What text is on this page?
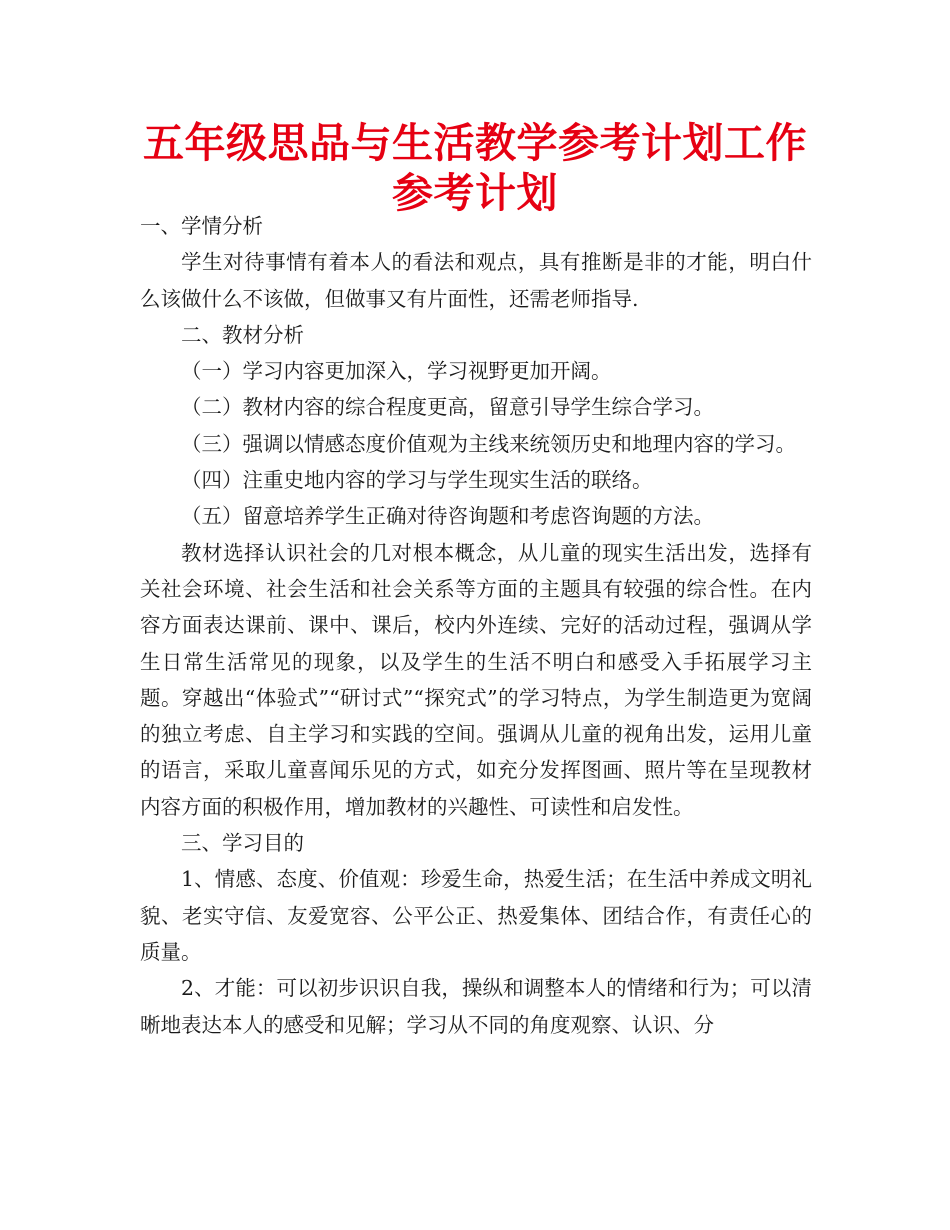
五年级思品与生活教学参考计划工作参考计划

一、学情分析

学生对待事情有着本人的看法和观点，具有推断是非的才能，明白什么该做什么不该做，但做事又有片面性，还需老师指导.

二、教材分析

（一）学习内容更加深入，学习视野更加开阔。

（二）教材内容的综合程度更高，留意引导学生综合学习。

（三）强调以情感态度价值观为主线来统领历史和地理内容的学习。

（四）注重史地内容的学习与学生现实生活的联络。

（五）留意培养学生正确对待咨询题和考虑咨询题的方法。

教材选择认识社会的几对根本概念，从儿童的现实生活出发，选择有关社会环境、社会生活和社会关系等方面的主题具有较强的综合性。在内容方面表达课前、课中、课后，校内外连续、完好的活动过程，强调从学生日常生活常见的现象，以及学生的生活不明白和感受入手拓展学习主题。穿越出“体验式”“研讨式”“探究式”的学习特点，为学生制造更为宽阔的独立考虑、自主学习和实践的空间。强调从儿童的视角出发，运用儿童的语言，采取儿童喜闻乐见的方式，如充分发挥图画、照片等在呈现教材内容方面的积极作用，增加教材的兴趣性、可读性和启发性。

三、学习目的

1、情感、态度、价值观：珍爱生命，热爱生活；在生活中养成文明礼貌、老实守信、友爱宽容、公平公正、热爱集体、团结合作，有责任心的质量。

2、才能：可以初步识识自我，操纵和调整本人的情绪和行为；可以清晰地表达本人的感受和见解；学习从不同的角度观察、认识、分
